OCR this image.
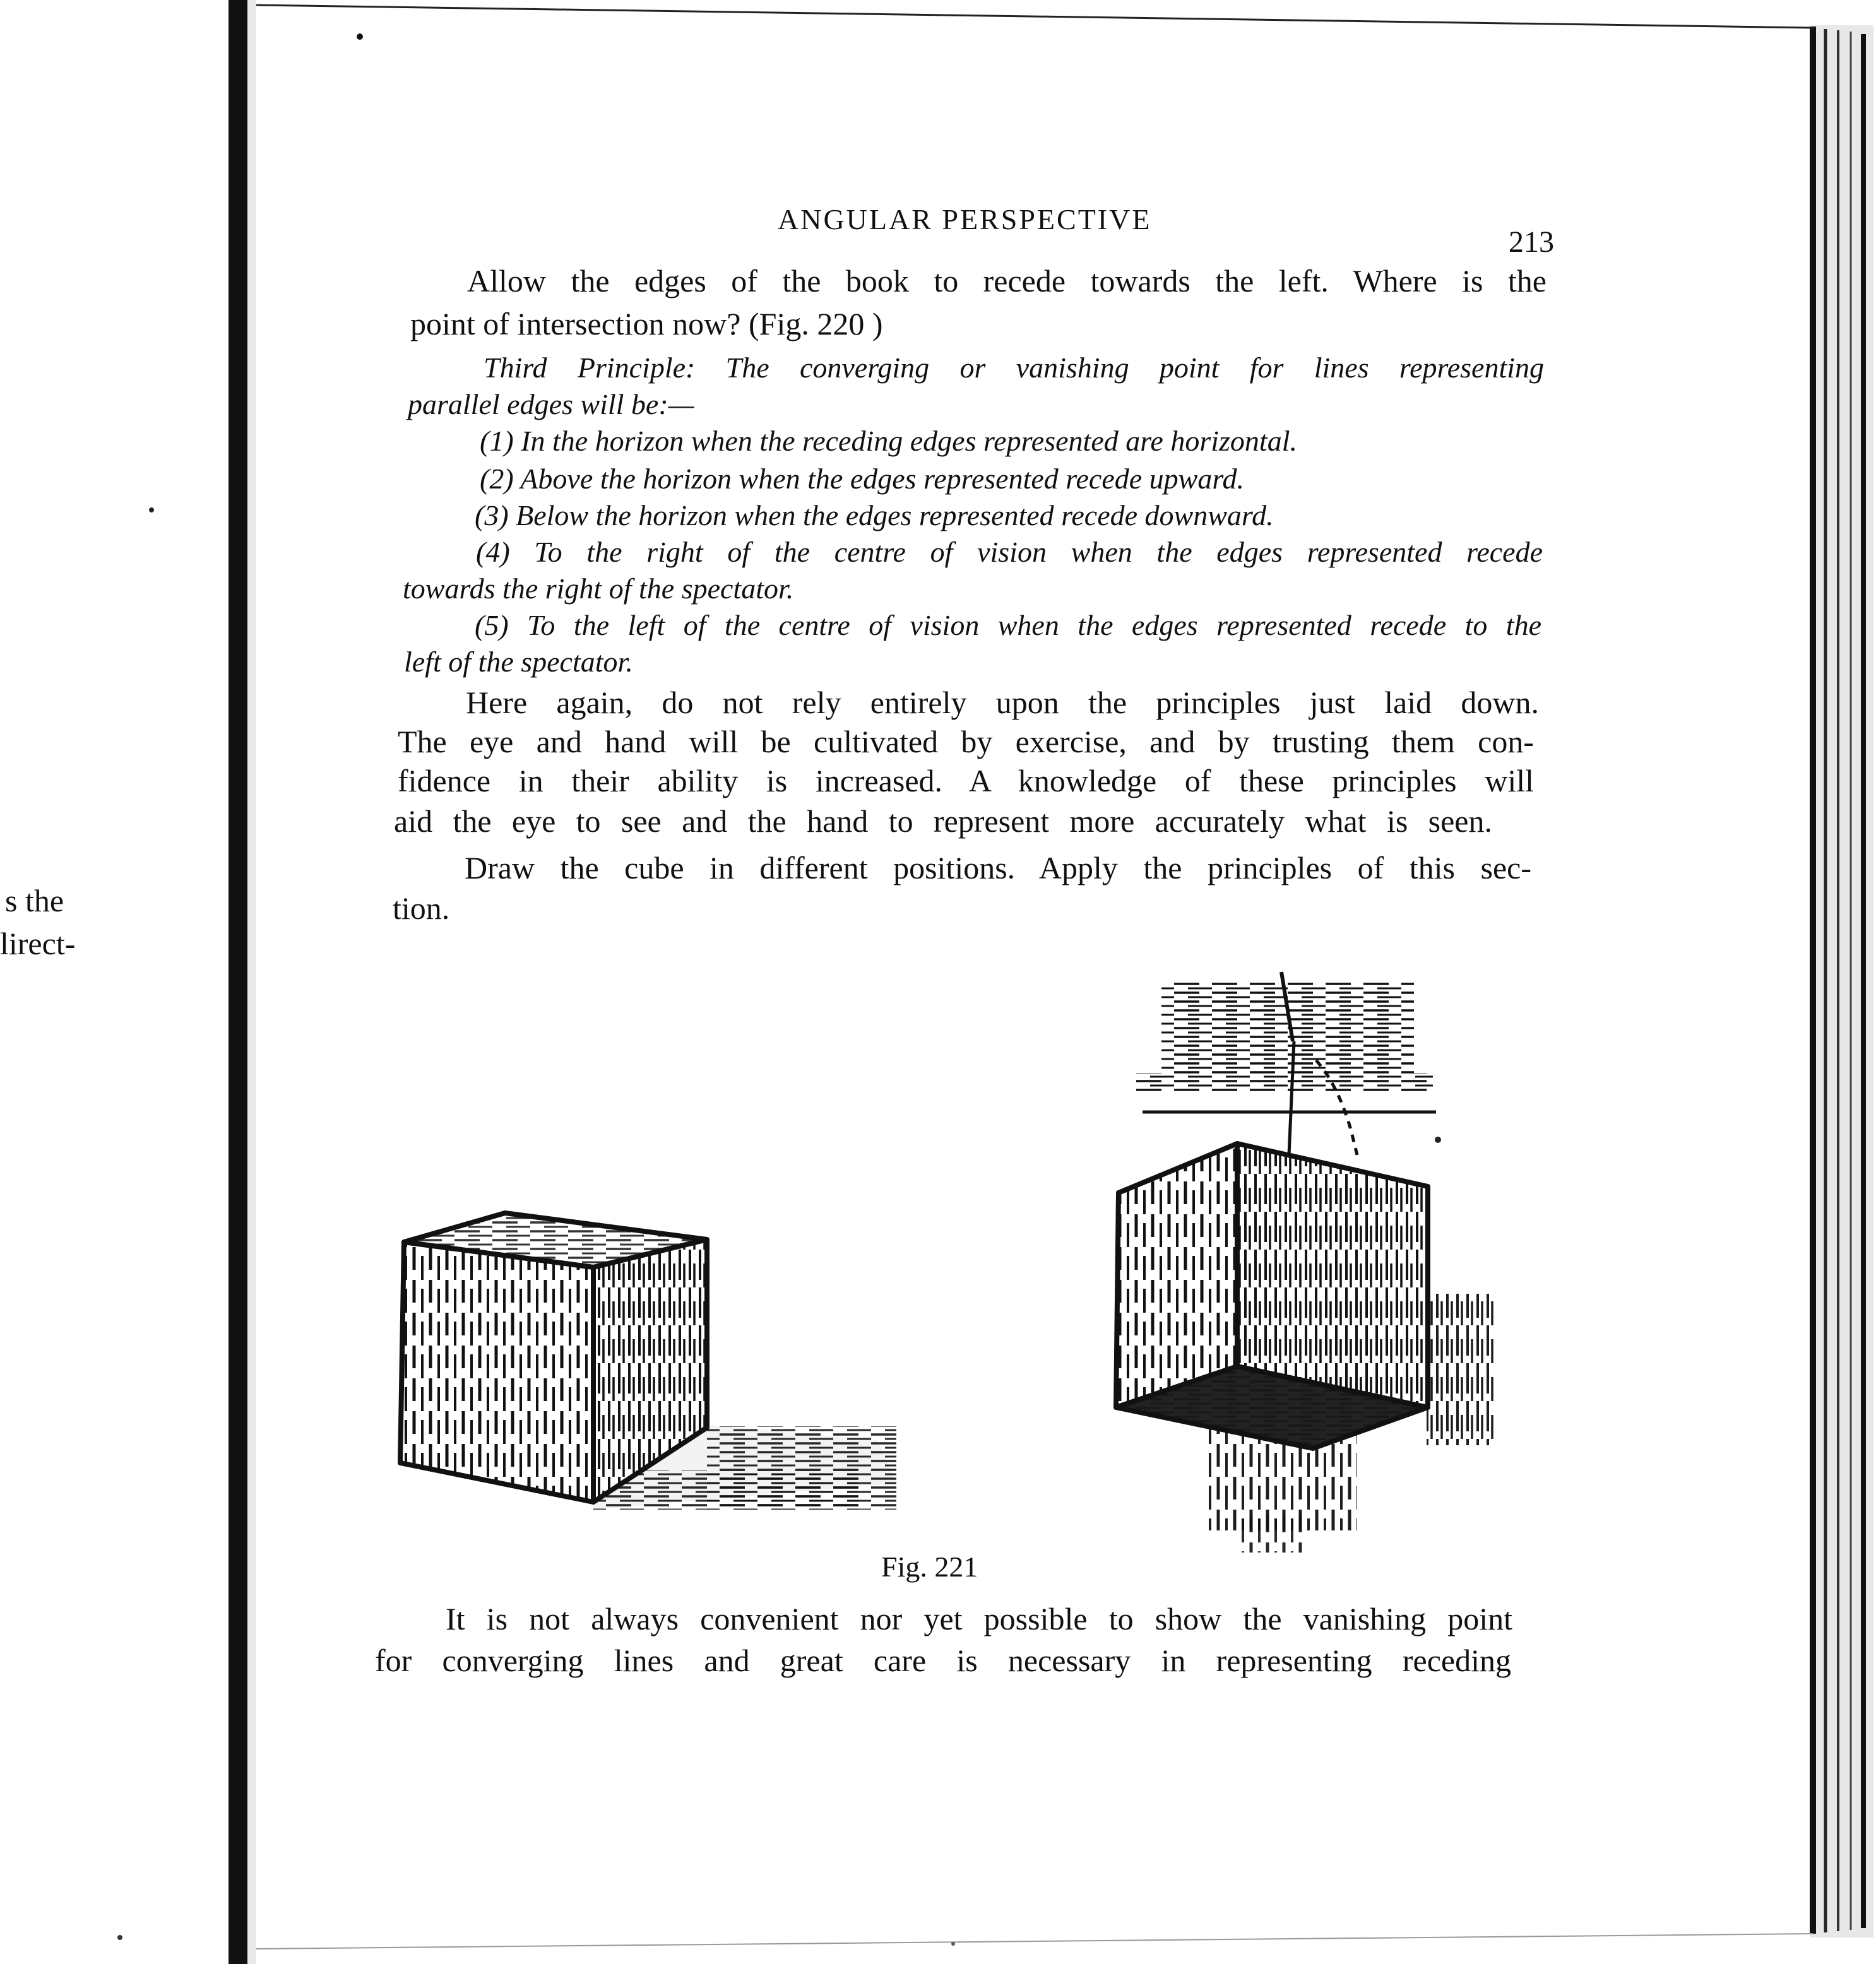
s the
lirect-
ANGULAR PERSPECTIVE
213
Allow the edges of the book to recede towards the left. Where is the
point of intersection now? (Fig. 220 )
Third Principle: The converging or vanishing point for lines representing
parallel edges will be:—
(1) In the horizon when the receding edges represented are horizontal.
(2) Above the horizon when the edges represented recede upward.
(3) Below the horizon when the edges represented recede downward.
(4) To the right of the centre of vision when the edges represented recede
towards the right of the spectator.
(5) To the left of the centre of vision when the edges represented recede to the
left of the spectator.
Here again, do not rely entirely upon the principles just laid down.
The eye and hand will be cultivated by exercise, and by trusting them con-
fidence in their ability is increased. A knowledge of these principles will
aid the eye to see and the hand to represent more accurately what is seen.
Draw the cube in different positions. Apply the principles of this sec-
tion.
Fig. 221
It is not always convenient nor yet possible to show the vanishing point
for converging lines and great care is necessary in representing receding
